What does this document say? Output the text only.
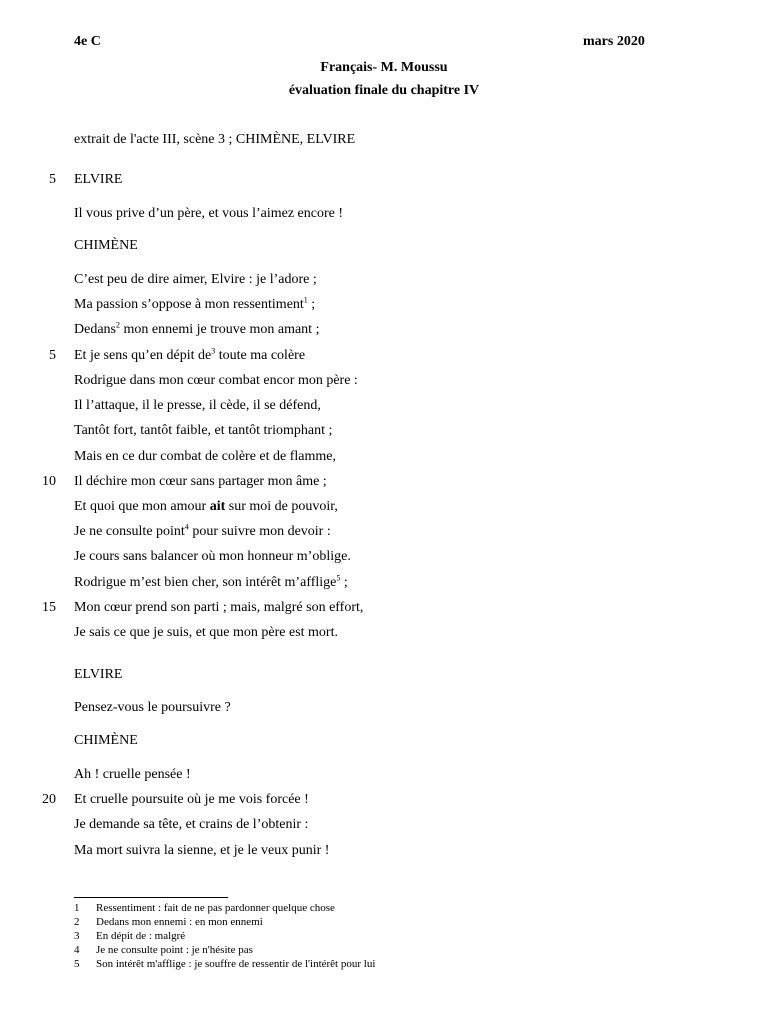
4e C	mars 2020
Français- M. Moussu
évaluation finale du chapitre IV
extrait de l'acte III, scène 3 ; CHIMÈNE, ELVIRE
5 ELVIRE
Il vous prive d’un père, et vous l’aimez encore !
CHIMÈNE
C’est peu de dire aimer, Elvire : je l’adore ;
Ma passion s’oppose à mon ressentiment$^1$ ;
Dedans$^2$ mon ennemi je trouve mon amant ;
5 Et je sens qu’en dépit $de^3$ toute ma colère
Rodrigue dans mon cœur combat encor mon père :
Il l’attaque, il le presse, il cède, il se défend,
Tantôt fort, tantôt faible, et tantôt triomphant ;
Mais en ce dur combat de colère et de flamme,
10 Il déchire mon cœur sans partager mon âme ;
Et quoi que mon amour ait sur moi de pouvoir,
Je ne consulte point$^4$ pour suivre mon devoir :
Je cours sans balancer où mon honneur m’oblige.
Rodrigue m’est bien cher, son intérêt m’afflige$^5$ ;
15 Mon cœur prend son parti ; mais, malgré son effort,
Je sais ce que je suis, et que mon père est mort.
ELVIRE
Pensez-vous le poursuivre ?
CHIMÈNE
Ah ! cruelle pensée !
20 Et cruelle poursuite où je me vois forcée !
Je demande sa tête, et crains de l’obtenir :
Ma mort suivra la sienne, et je le veux punir !
1 Ressentiment : fait de ne pas pardonner quelque chose
2 Dedans mon ennemi : en mon ennemi
3 En dépit de : malgré
4 Je ne consulte point : je n'hésite pas
5 Son intérêt m'afflige : je souffre de ressentir de l'intérêt pour lui
